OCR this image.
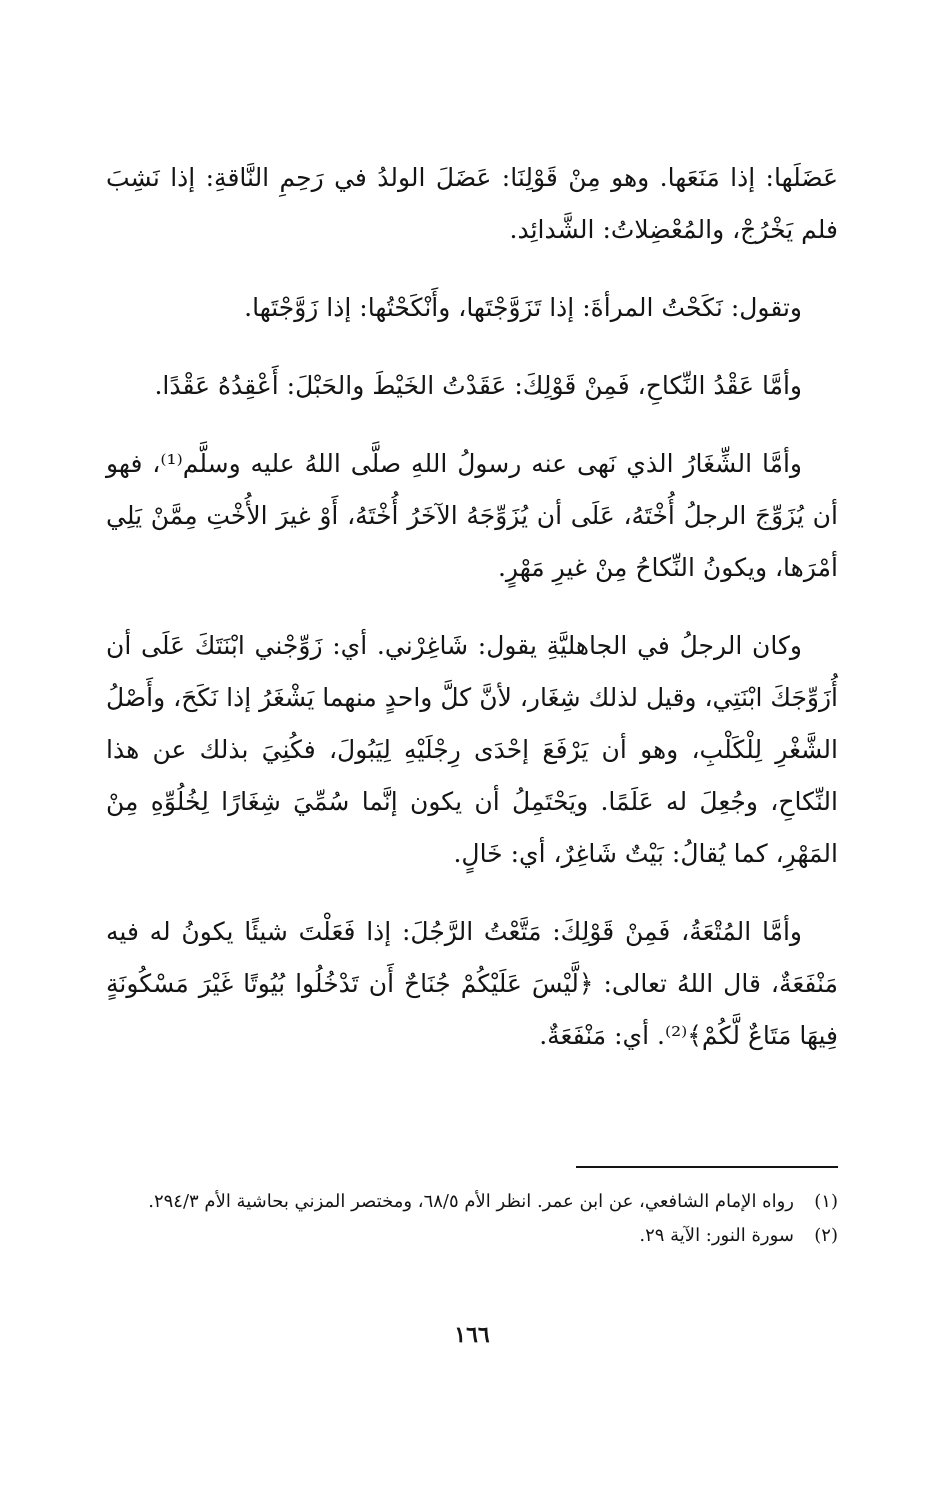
عَضَلَها: إذا مَنَعَها. وهو مِنْ قَوْلِنَا: عَضَلَ الولدُ في رَحِمِ النَّاقةِ: إذا نَشِبَ فلم يَخْرُجْ، والمُعْضِلاتُ: الشَّدائِد.

وتقول: نَكَحْتُ المرأةَ: إذا تَزَوَّجْتَها، وأَنْكَحْتُها: إذا زَوَّجْتَها.

وأمَّا عَقْدُ النِّكاحِ، فَمِنْ قَوْلِكَ: عَقَدْتُ الخَيْطَ والحَبْلَ: أَعْقِدُهُ عَقْدًا.

وأمَّا الشِّغَارُ الذي نَهى عنه رسولُ اللهِ صلَّى اللهُ عليه وسلَّم⁽¹⁾، فهو أن يُزَوِّجَ الرجلُ أُخْتَهُ، عَلَى أن يُزَوِّجَهُ الآخَرُ أُخْتَهُ، أَوْ غيرَ الأُخْتِ مِمَّنْ يَلِي أمْرَها، ويكونُ النِّكاحُ مِنْ غيرِ مَهْرٍ.

وكان الرجلُ في الجاهليَّةِ يقول: شَاغِرْني. أي: زَوِّجْني ابْنَتَكَ عَلَى أن أُزَوِّجَكَ ابْنَتِي، وقيل لذلك شِغَار، لأنَّ كلَّ واحدٍ منهما يَشْغَرُ إذا نَكَحَ، وأَصْلُ الشَّغْرِ لِلْكَلْبِ، وهو أن يَرْفَعَ إحْدَى رِجْلَيْهِ لِيَبُولَ، فكُنِيَ بذلك عن هذا النِّكاحِ، وجُعِلَ له عَلَمًا. ويَحْتَمِلُ أن يكون إنَّما سُمِّيَ شِغَارًا لِخُلُوِّهِ مِنْ المَهْرِ، كما يُقالُ: بَيْتٌ شَاغِرٌ، أي: خَالٍ.

وأمَّا المُتْعَةُ، فَمِنْ قَوْلِكَ: مَتَّعْتُ الرَّجُلَ: إذا فَعَلْتَ شيئًا يكونُ له فيه مَنْفَعَةٌ، قال اللهُ تعالى: ﴿لَّيْسَ عَلَيْكُمْ جُنَاحٌ أَن تَدْخُلُوا بُيُوتًا غَيْرَ مَسْكُونَةٍ فِيهَا مَتَاعٌ لَّكُمْ﴾⁽²⁾. أي: مَنْفَعَةٌ.

(١)
رواه الإمام الشافعي، عن ابن عمر. انظر الأم ٦٨/٥، ومختصر المزني بحاشية الأم ٢٩٤/٣.
(٢)
سورة النور: الآية ٢٩.
١٦٦
